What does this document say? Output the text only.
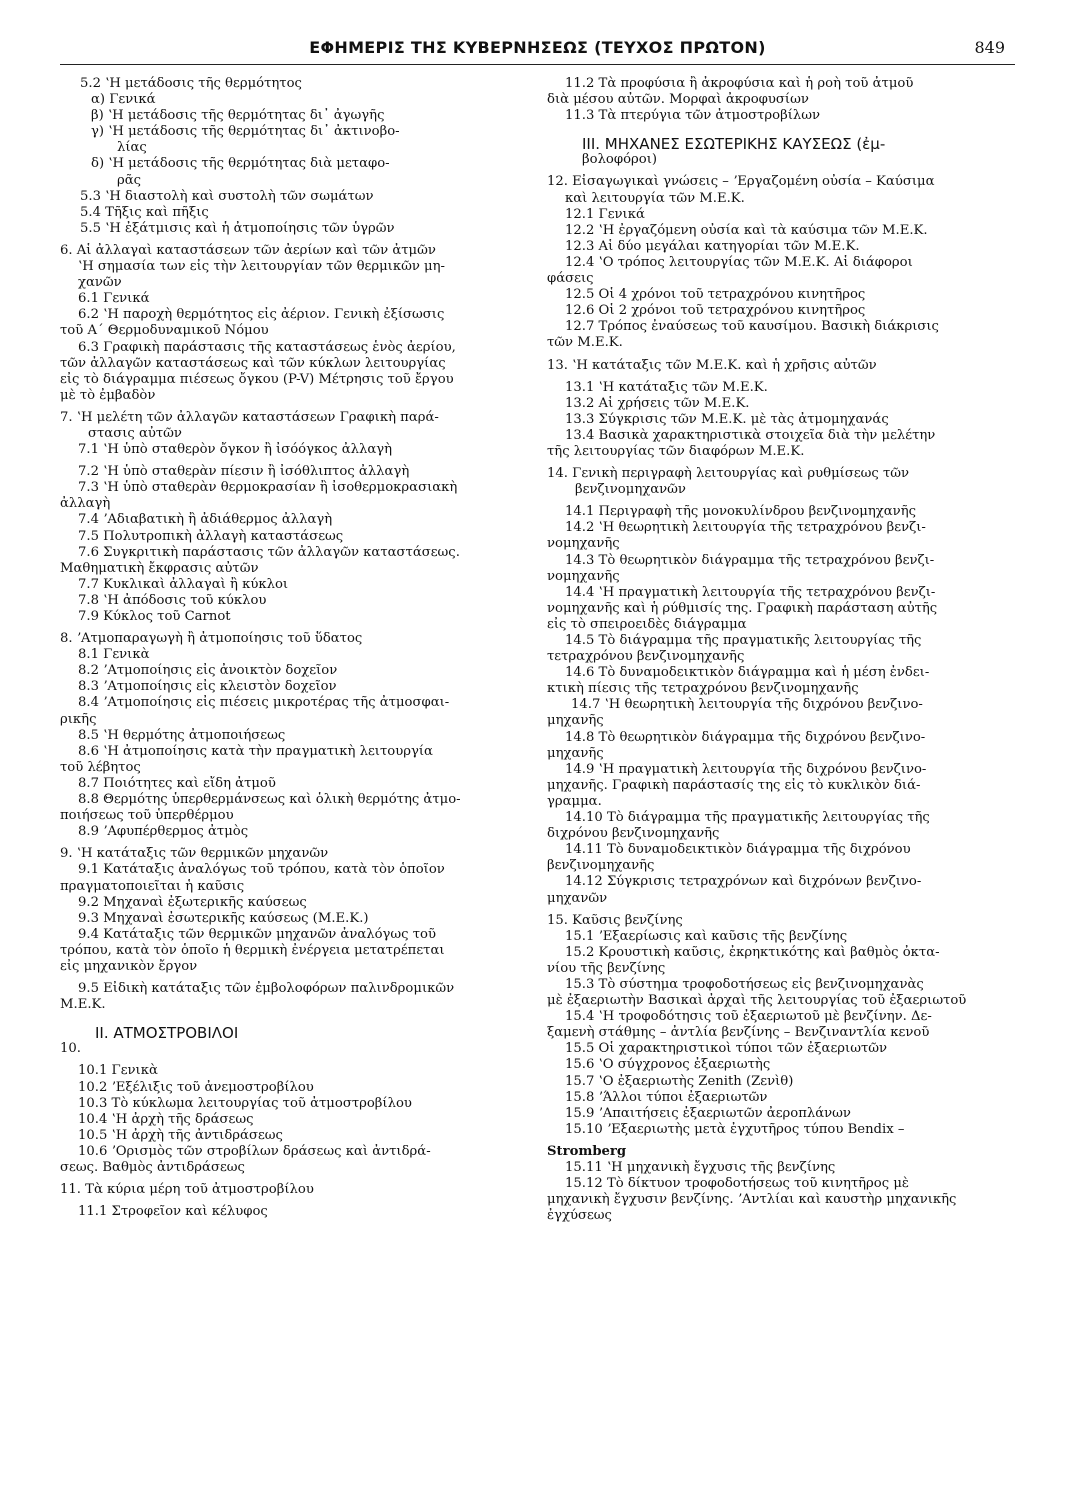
ΕΦΗΜΕΡΙΣ ΤΗΣ ΚΥΒΕΡΝΗΣΕΩΣ (ΤΕΥΧΟΣ ΠΡΩΤΟΝ)	849
5.2 ʽΗ μετάδοσις τῆς θερμότητος
α) Γενικά
β) ʽΗ μετάδοσις τῆς θερμότητας δι᾽ ἀγωγῆς
γ) ʽΗ μετάδοσις τῆς θερμότητας δι᾽ ἀκτινοβο-
λίας
δ) ʽΗ μετάδοσις τῆς θερμότητας διὰ μεταφο-
ρᾶς
5.3 ʽΗ διαστολὴ καὶ συστολὴ τῶν σωμάτων
5.4 Τῆξις καὶ πῆξις
5.5 ʽΗ ἐξάτμισις καὶ ἡ ἀτμοποίησις τῶν ὑγρῶν
6. Αἱ ἀλλαγαὶ καταστάσεων τῶν ἀερίων καὶ τῶν ἀτμῶν
ʽΗ σημασία των εἰς τὴν λειτουργίαν τῶν θερμικῶν μη-
χανῶν
6.1 Γενικά
6.2 ʽΗ παροχὴ θερμότητος εἰς ἀέριον. Γενικὴ ἐξίσωσις
τοῦ Α΄ Θερμοδυναμικοῦ Νόμου
6.3 Γραφικὴ παράστασις τῆς καταστάσεως ἑνὸς ἀερίου,
τῶν ἀλλαγῶν καταστάσεως καὶ τῶν κύκλων λειτουργίας
εἰς τὸ διάγραμμα πιέσεως ὄγκου (P-V) Μέτρησις τοῦ ἔργου
μὲ τὸ ἐμβαδὸν
7. ʽΗ μελέτη τῶν ἀλλαγῶν καταστάσεων Γραφικὴ παρά-
στασις αὐτῶν
7.1 ʽΗ ὑπὸ σταθερὸν ὄγκον ἢ ἰσόόγκος ἀλλαγὴ
7.2 ʽΗ ὑπὸ σταθερὰν πίεσιν ἢ ἰσόθλιπτος ἀλλαγὴ
7.3 ʽΗ ὑπὸ σταθερὰν θερμοκρασίαν ἢ ἰσοθερμοκρασιακὴ
ἀλλαγὴ
7.4 ʼΑδιαβατικὴ ἢ ἀδιάθερμος ἀλλαγὴ
7.5 Πολυτροπικὴ ἀλλαγὴ καταστάσεως
7.6 Συγκριτικὴ παράστασις τῶν ἀλλαγῶν καταστάσεως.
Μαθηματικὴ ἔκφρασις αὐτῶν
7.7 Κυκλικαὶ ἀλλαγαὶ ἢ κύκλοι
7.8 ʽΗ ἀπόδοσις τοῦ κύκλου
7.9 Κύκλος τοῦ Carnot
8. ʼΑτμοπαραγωγὴ ἢ ἀτμοποίησις τοῦ ὕδατος
8.1 Γενικὰ
8.2 ʼΑτμοποίησις εἰς ἀνοικτὸν δοχεῖον
8.3 ʼΑτμοποίησις εἰς κλειστὸν δοχεῖον
8.4 ʼΑτμοποίησις εἰς πιέσεις μικροτέρας τῆς ἀτμοσφαι-
ρικῆς
8.5 ʽΗ θερμότης ἀτμοποιήσεως
8.6 ʽΗ ἀτμοποίησις κατὰ τὴν πραγματικὴ λειτουργία
τοῦ λέβητος
8.7 Ποιότητες καὶ εἴδη ἀτμοῦ
8.8 Θερμότης ὑπερθερμάνσεως καὶ ὁλικὴ θερμότης ἀτμο-
ποιήσεως τοῦ ὑπερθέρμου
8.9 ʼΑφυπέρθερμος ἀτμὸς
9. ʽΗ κατάταξις τῶν θερμικῶν μηχανῶν
9.1 Κατάταξις ἀναλόγως τοῦ τρόπου, κατὰ τὸν ὁποῖον
πραγματοποιεῖται ἡ καῦσις
9.2 Μηχαναὶ ἐξωτερικῆς καύσεως
9.3 Μηχαναὶ ἐσωτερικῆς καύσεως (Μ.Ε.Κ.)
9.4 Κατάταξις τῶν θερμικῶν μηχανῶν ἀναλόγως τοῦ
τρόπου, κατὰ τὸν ὁποῖο ἡ θερμικὴ ἐνέργεια μετατρέπεται
εἰς μηχανικὸν ἔργον
9.5 Εἰδικὴ κατάταξις τῶν ἐμβολοφόρων παλινδρομικῶν
Μ.Ε.Κ.
II. ΑΤΜΟΣΤΡΟΒΙΛΟΙ
10.
10.1 Γενικὰ
10.2 ʼΕξέλιξις τοῦ ἀνεμοστροβίλου
10.3 Τὸ κύκλωμα λειτουργίας τοῦ ἀτμοστροβίλου
10.4 ʽΗ ἀρχὴ τῆς δράσεως
10.5 ʽΗ ἀρχὴ τῆς ἀντιδράσεως
10.6 ʼΟρισμὸς τῶν στροβίλων δράσεως καὶ ἀντιδρά-
σεως. Βαθμὸς ἀντιδράσεως
11. Τὰ κύρια μέρη τοῦ ἀτμοστροβίλου
11.1 Στροφεῖον καὶ κέλυφος
11.2 Τὰ προφύσια ἢ ἀκροφύσια καὶ ἡ ροὴ τοῦ ἀτμοῦ
διὰ μέσου αὐτῶν. Μορφαὶ ἀκροφυσίων
11.3 Τὰ πτερύγια τῶν ἀτμοστροβίλων
III. ΜΗΧΑΝΕΣ ΕΣΩΤΕΡΙΚΗΣ ΚΑΥΣΕΩΣ (ἐμ-
βολοφόροι)
12. Εἰσαγωγικαὶ γνώσεις – ʼΕργαζομένη οὐσία – Καύσιμα
καὶ λειτουργία τῶν Μ.Ε.Κ.
12.1 Γενικά
12.2 ʽΗ ἐργαζόμενη οὐσία καὶ τὰ καύσιμα τῶν Μ.Ε.Κ.
12.3 Αἱ δύο μεγάλαι κατηγορίαι τῶν Μ.Ε.Κ.
12.4 ʽΟ τρόπος λειτουργίας τῶν Μ.Ε.Κ. Αἱ διάφοροι
φάσεις
12.5 Οἱ 4 χρόνοι τοῦ τετραχρόνου κινητῆρος
12.6 Οἱ 2 χρόνοι τοῦ τετραχρόνου κινητῆρος
12.7 Τρόπος ἐναύσεως τοῦ καυσίμου. Βασικὴ διάκρισις
τῶν Μ.Ε.Κ.
13. ʽΗ κατάταξις τῶν Μ.Ε.Κ. καὶ ἡ χρῆσις αὐτῶν
13.1 ʽΗ κατάταξις τῶν Μ.Ε.Κ.
13.2 Αἱ χρήσεις τῶν Μ.Ε.Κ.
13.3 Σύγκρισις τῶν Μ.Ε.Κ. μὲ τὰς ἀτμομηχανάς
13.4 Βασικὰ χαρακτηριστικὰ στοιχεῖα διὰ τὴν μελέτην
τῆς λειτουργίας τῶν διαφόρων Μ.Ε.Κ.
14. Γενικὴ περιγραφὴ λειτουργίας καὶ ρυθμίσεως τῶν
βενζινομηχανῶν
14.1 Περιγραφὴ τῆς μονοκυλίνδρου βενζινομηχανῆς
14.2 ʽΗ θεωρητικὴ λειτουργία τῆς τετραχρόνου βενζι-
νομηχανῆς
14.3 Τὸ θεωρητικὸν διάγραμμα τῆς τετραχρόνου βενζι-
νομηχανῆς
14.4 ʽΗ πραγματικὴ λειτουργία τῆς τετραχρόνου βενζι-
νομηχανῆς καὶ ἡ ρύθμισίς της. Γραφικὴ παράσταση αὐτῆς
εἰς τὸ σπειροειδὲς διάγραμμα
14.5 Τὸ διάγραμμα τῆς πραγματικῆς λειτουργίας τῆς
τετραχρόνου βενζινομηχανῆς
14.6 Τὸ δυναμοδεικτικὸν διάγραμμα καὶ ἡ μέση ἐνδει-
κτικὴ πίεσις τῆς τετραχρόνου βενζινομηχανῆς
14.7 ʽΗ θεωρητικὴ λειτουργία τῆς διχρόνου βενζινο-
μηχανῆς
14.8 Τὸ θεωρητικὸν διάγραμμα τῆς διχρόνου βενζινο-
μηχανῆς
14.9 ʽΗ πραγματικὴ λειτουργία τῆς διχρόνου βενζινο-
μηχανῆς. Γραφικὴ παράστασίς της εἰς τὸ κυκλικὸν διά-
γραμμα.
14.10 Τὸ διάγραμμα τῆς πραγματικῆς λειτουργίας τῆς
διχρόνου βενζινομηχανῆς
14.11 Τὸ δυναμοδεικτικὸν διάγραμμα τῆς διχρόνου
βενζινομηχανῆς
14.12 Σύγκρισις τετραχρόνων καὶ διχρόνων βενζινο-
μηχανῶν
15. Καῦσις βενζίνης
15.1 ʼΕξαερίωσις καὶ καῦσις τῆς βενζίνης
15.2 Κρουστικὴ καῦσις, ἐκρηκτικότης καὶ βαθμὸς ὀκτα-
νίου τῆς βενζίνης
15.3 Τὸ σύστημα τροφοδοτήσεως εἰς βενζινομηχανὰς
μὲ ἐξαεριωτὴν Βασικαὶ ἀρχαὶ τῆς λειτουργίας τοῦ ἐξαεριωτοῦ
15.4 ʽΗ τροφοδότησις τοῦ ἐξαεριωτοῦ μὲ βενζίνην. Δε-
ξαμενὴ στάθμης – ἀντλία βενζίνης – Βενζιναντλία κενοῦ
15.5 Οἱ χαρακτηριστικοὶ τύποι τῶν ἐξαεριωτῶν
15.6 ʽΟ σύγχρονος ἐξαεριωτὴς
15.7 ʽΟ ἐξαεριωτὴς Zenith (Ζενὶθ)
15.8 ʼΆλλοι τύποι ἐξαεριωτῶν
15.9 ʼΑπαιτήσεις ἐξαεριωτῶν ἀεροπλάνων
15.10 ʼΕξαεριωτὴς μετὰ ἐγχυτῆρος τύπου Bendix –
Stromberg
15.11 ʽΗ μηχανικὴ ἔγχυσις τῆς βενζίνης
15.12 Τὸ δίκτυον τροφοδοτήσεως τοῦ κινητῆρος μὲ
μηχανικὴ ἔγχυσιν βενζίνης. ʼΑντλίαι καὶ καυστὴρ μηχανικῆς
ἐγχύσεως
